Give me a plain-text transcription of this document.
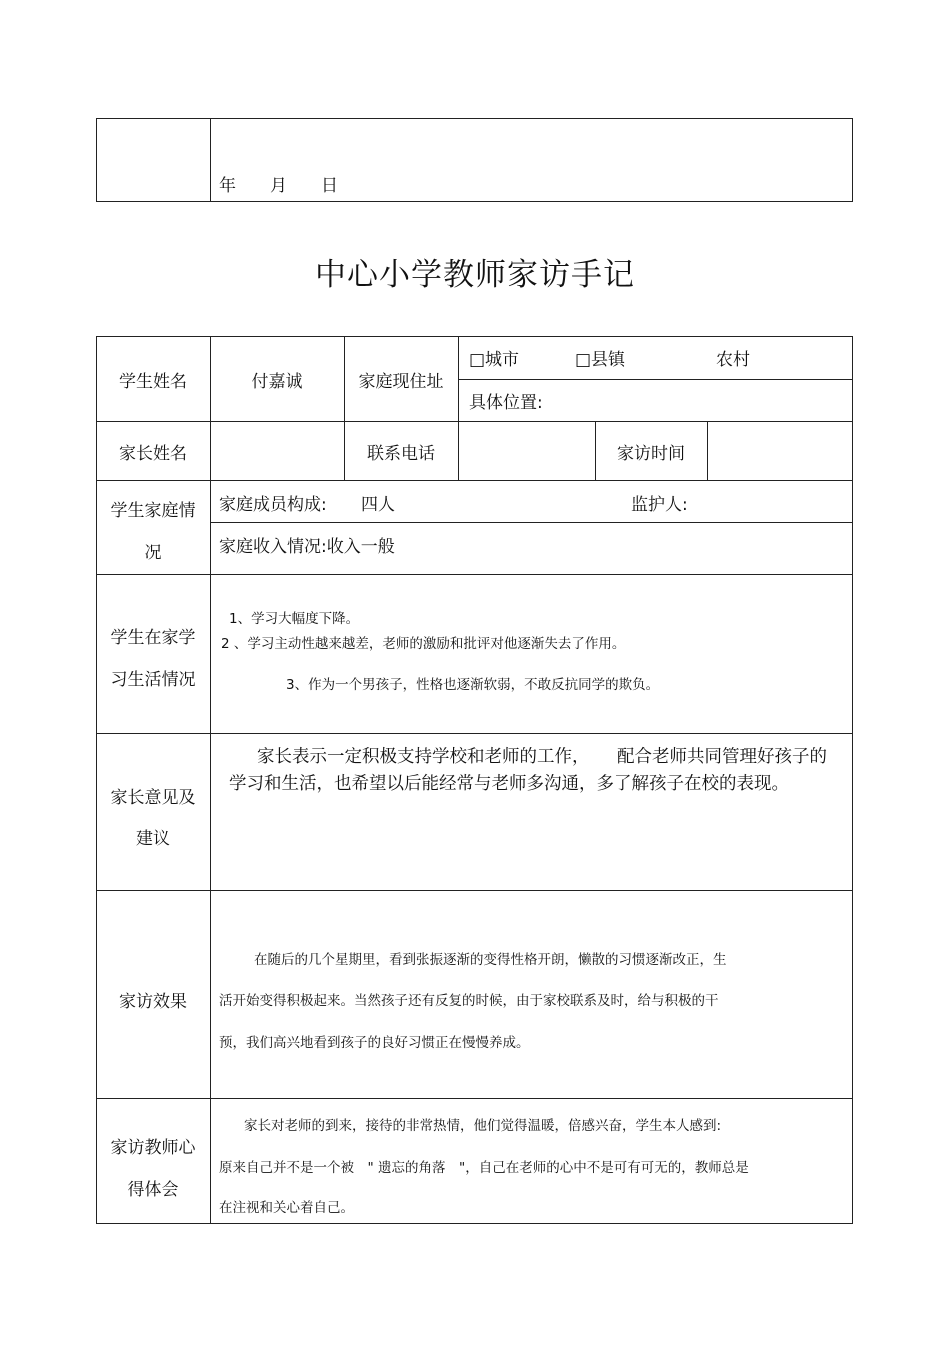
年　　月　　日
中心小学教师家访手记
学生姓名	付嘉诚	家庭现住址
□城市	□县镇	农村
具体位置:
家长姓名	联系电话	家访时间
学生家庭情
况
家庭成员构成: 四人	监护人:
家庭收入情况:收入一般
学生在家学
习生活情况
1、学习大幅度下降。
2 、学习主动性越来越差，老师的激励和批评对他逐渐失去了作用。
3、作为一个男孩子，性格也逐渐软弱，不敢反抗同学的欺负。
家长意见及
建议
家长表示一定积极支持学校和老师的工作， 配合老师共同管理好孩子的
学习和生活，也希望以后能经常与老师多沟通，多了解孩子在校的表现。
家访效果
在随后的几个星期里，看到张振逐渐的变得性格开朗，懒散的习惯逐渐改正，生
活开始变得积极起来。当然孩子还有反复的时候，由于家校联系及时，给与积极的干
预，我们高兴地看到孩子的良好习惯正在慢慢养成。
家访教师心
得体会
家长对老师的到来，接待的非常热情，他们觉得温暖，倍感兴奋，学生本人感到:
原来自己并不是一个被　" 遗忘的角落　"，自己在老师的心中不是可有可无的，教师总是
在注视和关心着自己。
